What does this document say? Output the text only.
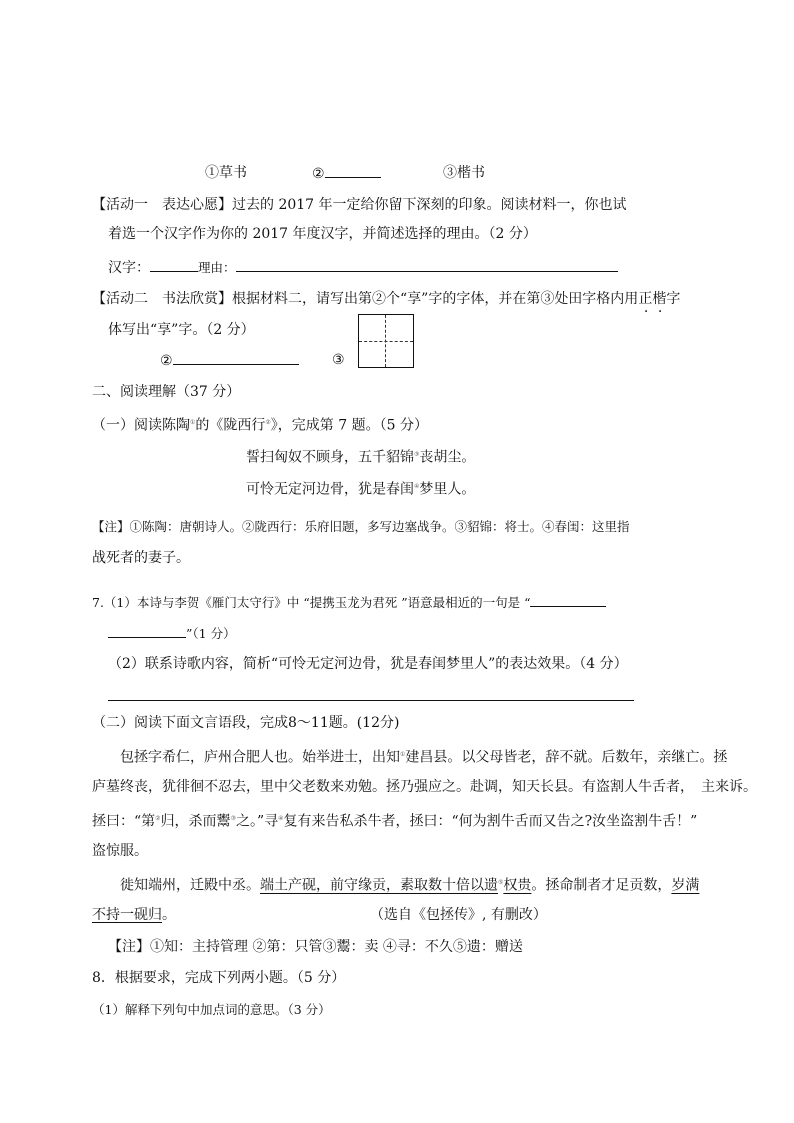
①草书	②	③楷书
【活动一　表达心愿】过去的 2017 年一定给你留下深刻的印象。阅读材料一，你也试
着选一个汉字作为你的 2017 年度汉字，并简述选择的理由。（2 分）
汉字：	理由：
【活动二　书法欣赏】根据材料二，请写出第②个“享”字的字体，并在第③处田字格内用正楷字
体写出“享”字。（2 分）
②	③
二、阅读理解（37 分）
（一）阅读陈陶①的《陇西行②》，完成第 7 题。（5 分）
誓扫匈奴不顾身，五千貂锦③丧胡尘。
可怜无定河边骨，犹是春闺④梦里人。
【注】①陈陶：唐朝诗人。②陇西行：乐府旧题，多写边塞战争。③貂锦：将士。④春闺：这里指
战死者的妻子。
7.（1）本诗与李贺《雁门太守行》中 “提携玉龙为君死 ”语意最相近的一句是 “
”（1 分）
（2）联系诗歌内容，简析“可怜无定河边骨，犹是春闺梦里人”的表达效果。（4 分）
（二）阅读下面文言语段，完成8～11题。(12分)
包拯字希仁，庐州合肥人也。始举进士，出知①建昌县。以父母皆老，辞不就。后数年，亲继亡。拯
庐墓终丧，犹徘徊不忍去，里中父老数来劝勉。拯乃强应之。赴调，知天长县。有盗割人牛舌者，　主来诉。
拯曰：“第②归，杀而鬻③之。”寻④复有来告私杀牛者，拯曰：“何为割牛舌而又告之?汝坐盗割牛舌！”
盗惊服。
徙知端州，迁殿中丞。端土产砚，前守缘贡，素取数十倍以遗⑤权贵。拯命制者才足贡数，岁满
不持一砚归。	（选自《包拯传》, 有删改）
【注】①知：主持管理 ②第：只管③鬻：卖 ④寻：不久⑤遗：赠送
8．根据要求，完成下列两小题。（5 分）
（1）解释下列句中加点词的意思。（3 分）
